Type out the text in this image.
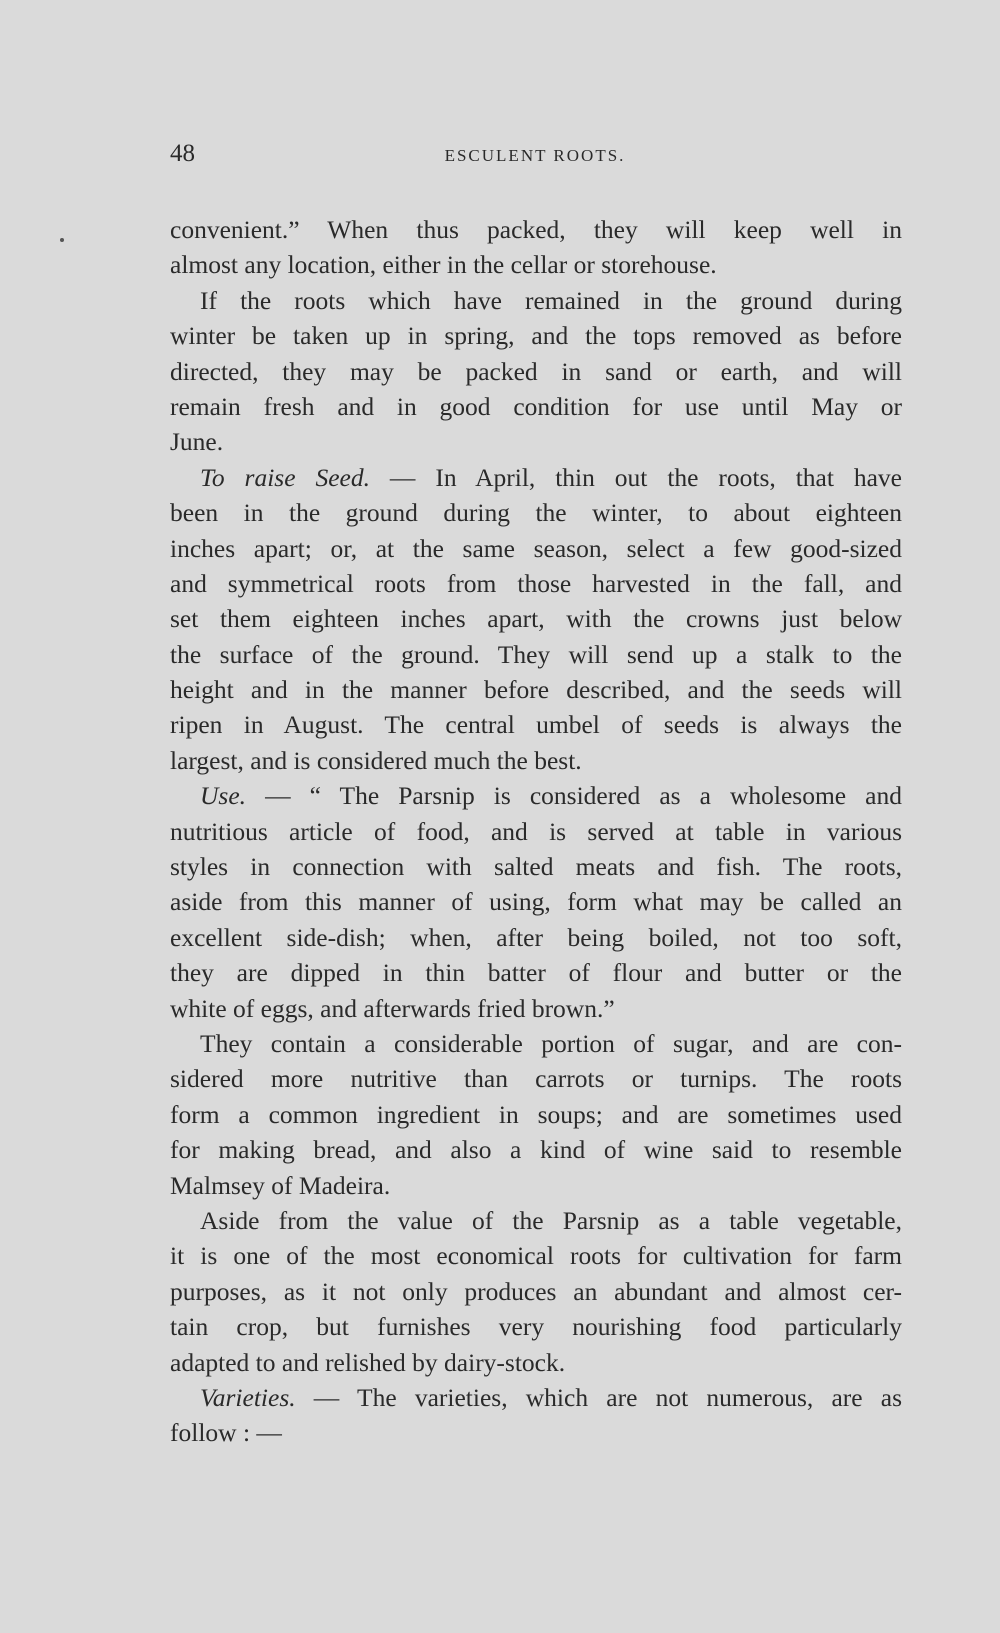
48	ESCULENT ROOTS.
convenient.” When thus packed, they will keep well in
almost any location, either in the cellar or storehouse.
If the roots which have remained in the ground during
winter be taken up in spring, and the tops removed as before
directed, they may be packed in sand or earth, and will
remain fresh and in good condition for use until May or
June.
To raise Seed. — In April, thin out the roots, that have
been in the ground during the winter, to about eighteen
inches apart; or, at the same season, select a few good-sized
and symmetrical roots from those harvested in the fall, and
set them eighteen inches apart, with the crowns just below
the surface of the ground. They will send up a stalk to the
height and in the manner before described, and the seeds will
ripen in August. The central umbel of seeds is always the
largest, and is considered much the best.
Use. — “ The Parsnip is considered as a wholesome and
nutritious article of food, and is served at table in various
styles in connection with salted meats and fish. The roots,
aside from this manner of using, form what may be called an
excellent side-dish; when, after being boiled, not too soft,
they are dipped in thin batter of flour and butter or the
white of eggs, and afterwards fried brown.”
They contain a considerable portion of sugar, and are con-
sidered more nutritive than carrots or turnips. The roots
form a common ingredient in soups; and are sometimes used
for making bread, and also a kind of wine said to resemble
Malmsey of Madeira.
Aside from the value of the Parsnip as a table vegetable,
it is one of the most economical roots for cultivation for farm
purposes, as it not only produces an abundant and almost cer-
tain crop, but furnishes very nourishing food particularly
adapted to and relished by dairy-stock.
Varieties. — The varieties, which are not numerous, are as
follow : —
